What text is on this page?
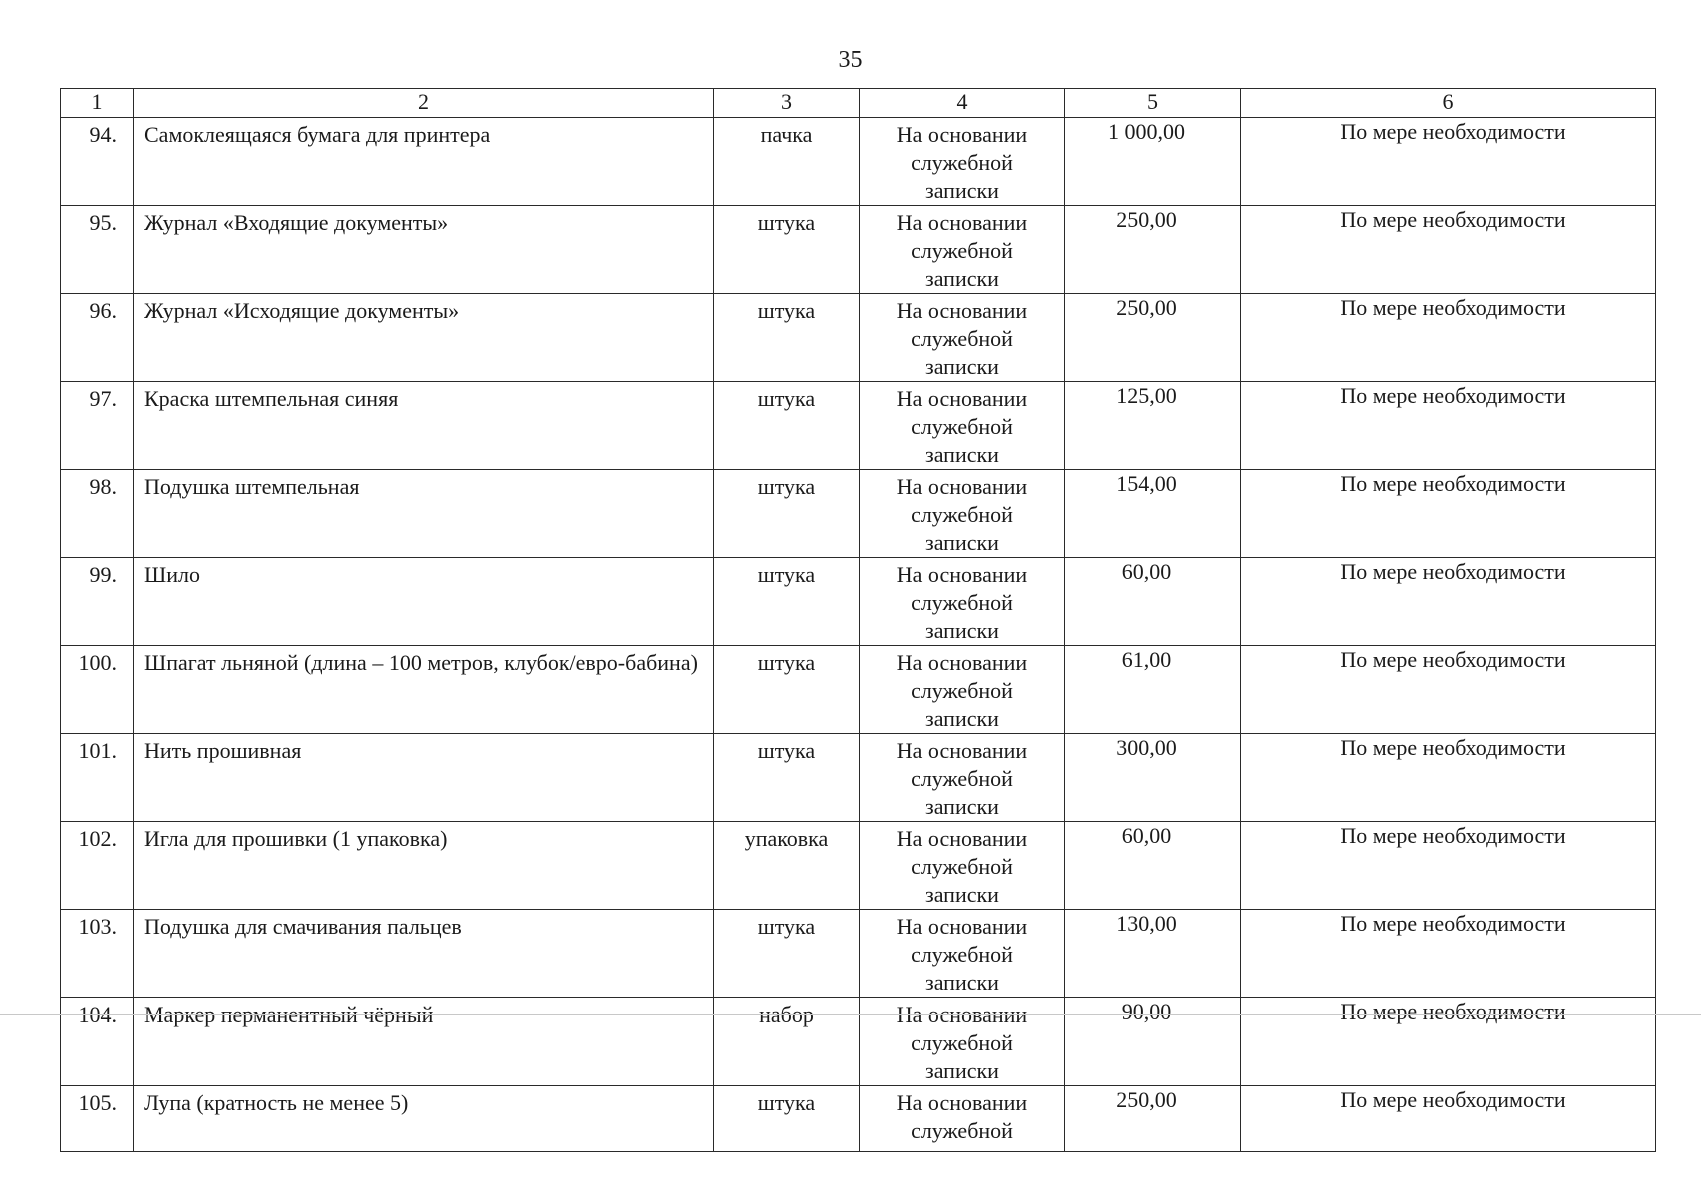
35
1	2	3	4	5	6
94.	Самоклеящаяся бумага для принтера	пачка	На основании
служебной
записки	1 000,00	По мере необходимости
95.	Журнал «Входящие документы»	штука	На основании
служебной
записки	250,00	По мере необходимости
96.	Журнал «Исходящие документы»	штука	На основании
служебной
записки	250,00	По мере необходимости
97.	Краска штемпельная синяя	штука	На основании
служебной
записки	125,00	По мере необходимости
98.	Подушка штемпельная	штука	На основании
служебной
записки	154,00	По мере необходимости
99.	Шило	штука	На основании
служебной
записки	60,00	По мере необходимости
100.	Шпагат льняной (длина – 100 метров, клубок/евро-бабина)	штука	На основании
служебной
записки	61,00	По мере необходимости
101.	Нить прошивная	штука	На основании
служебной
записки	300,00	По мере необходимости
102.	Игла для прошивки (1 упаковка)	упаковка	На основании
служебной
записки	60,00	По мере необходимости
103.	Подушка для смачивания пальцев	штука	На основании
служебной
записки	130,00	По мере необходимости
104.	Маркер перманентный чёрный	набор	На основании
служебной
записки	90,00	По мере необходимости
105.	Лупа (кратность не менее 5)	штука	На основании
служебной	250,00	По мере необходимости
